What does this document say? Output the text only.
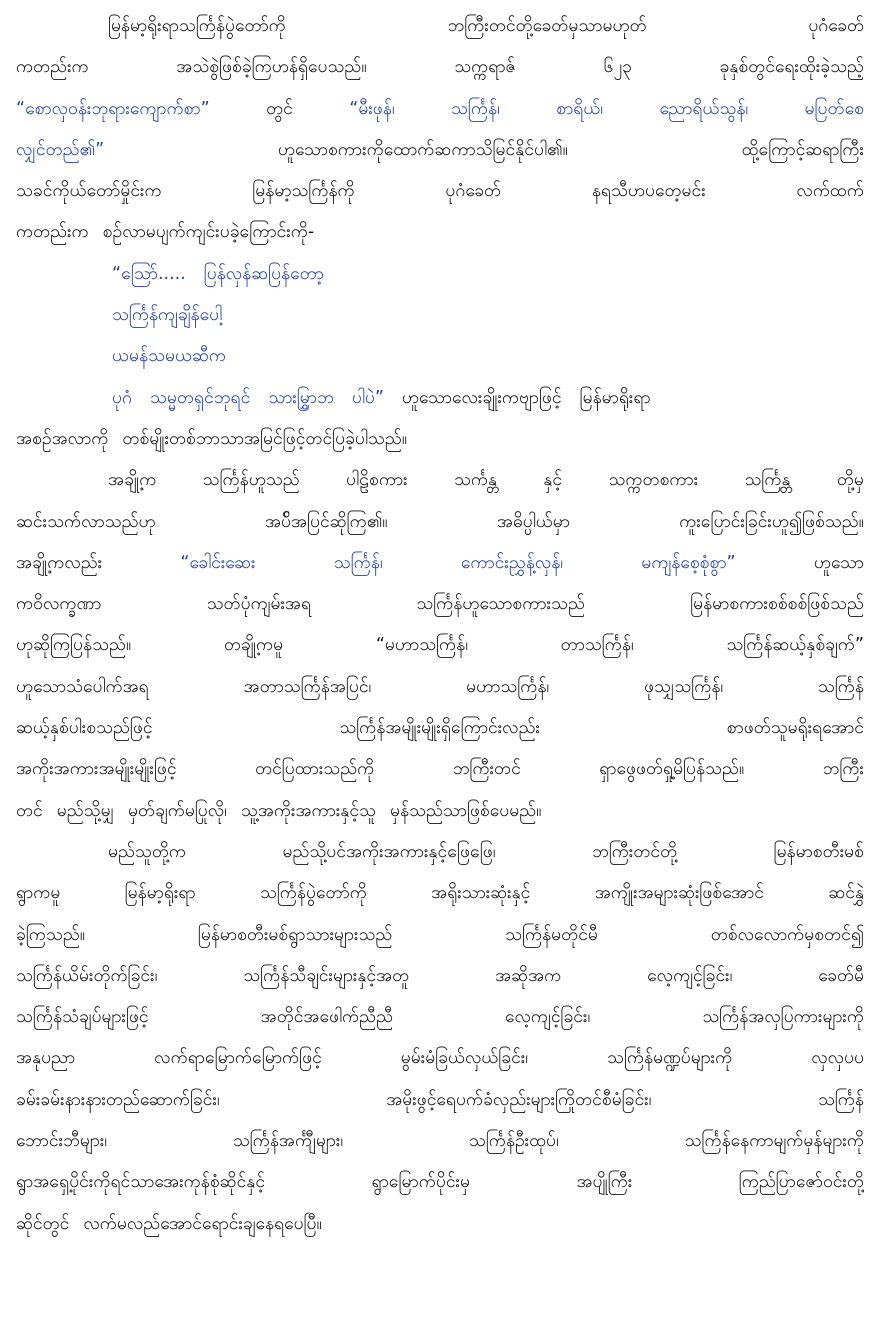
မြန်မာ့ရိုးရာသင်္ကြန်ပွဲတော်ကို	ဘကြီးတင်တို့ခေတ်မှသာမဟုတ်	ပုဂံခေတ်
ကတည်းက	အသဲစွဲဖြစ်ခဲ့ကြဟန်ရှိပေသည်။	သက္ကရာဇ်	၆၂၃	ခုနှစ်တွင်ရေးထိုးခဲ့သည့်
“စောလှဝန်းဘုရားကျောက်စာ”	တွင်	“မီးဖုန်၊	သင်္ကြန်၊	စာရိယ်၊	ညောရိယ်သွန်၊	မပြတ်စေ
လျှင်တည်၏”	ဟူသောစကားကိုထောက်ဆကာသိမြင်နိုင်ပါ၏။	ထို့ကြောင့်ဆရာကြီး
သခင်ကိုယ်တော်မှိုင်းက	မြန်မာ့သင်္ကြန်ကို	ပုဂံခေတ်	နရသီဟပတေ့မင်း	လက်ထက်
ကတည်းက စဉ်လာမပျက်ကျင်းပခဲ့ကြောင်းကို-
“သြော်..... ပြန်လှန်ဆပြန်တော့
သင်္ကြန်ကျချိန်ပေါ့
ယမန်သမယဆီက
ပုဂံ သမ္မတရှင်ဘုရင် သားမြွှာဘ ပါပဲ” ဟူသောလေးချိုးကဗျာဖြင့် မြန်မာရိုးရာ
အစဉ်အလာကို တစ်မျိုးတစ်ဘာသာအမြင်ဖြင့်တင်ပြခဲ့ပါသည်။
အချို့က	သင်္ကြန်ဟူသည်	ပါဠိစကား	သင်္ကန္တ	နှင့်	သက္ကတစကား	သင်္ကြန္တ	တို့မှ
ဆင်းသက်လာသည်ဟု	အပ်ိအပြင်ဆိုကြ၏။	အဓိပ္ပါယ်မှာ	ကူးပြောင်းခြင်းဟူ၍ဖြစ်သည်။
အချို့ကလည်း	“ခေါင်းဆေး	သင်္ကြန်၊	ကောင်းညွှန့်လှန်၊	မကျန်စေ့စုံစွာ”	ဟူသော
ကဝိလက္ခဏာ	သတ်ပုံကျမ်းအရ	သင်္ကြန်ဟူသောစကားသည်	မြန်မာစကားစစ်စစ်ဖြစ်သည်
ဟုဆိုကြပြန်သည်။	တချို့ကမူ	“မဟာသင်္ကြန်၊	တာသင်္ကြန်၊	သင်္ကြန်ဆယ့်နှစ်ချက်”
ဟူသောသံပေါက်အရ	အတာသင်္ကြန်အပြင်၊	မဟာသင်္ကြန်၊	ဖုသျှသင်္ကြန်၊	သင်္ကြန်
ဆယ့်နှစ်ပါးစသည်ဖြင့်	သင်္ကြန်အမျိုးမျိုးရှိကြောင်းလည်း	စာဖတ်သူမရိုးရအောင်
အကိုးအကားအမျိုးမျိုးဖြင့်	တင်ပြထားသည်ကို	ဘကြီးတင်	ရှာဖွေဖတ်ရှု့မိပြန်သည်။	ဘကြီး
တင် မည်သို့မျှ မှတ်ချက်မပြုလို၊ သူ့အကိုးအကားနှင့်သူ မှန်သည်သာဖြစ်ပေမည်။
မည်သူတို့က	မည်သို့ပင်အကိုးအကားနှင့်ဖြေဖြေ၊	ဘကြီးတင်တို့	မြန်မာစတီးမစ်
ရွာကမူ	မြန်မာ့ရိုးရာ	သင်္ကြန်ပွဲတော်ကို	အရိုးသားဆုံးနှင့်	အကျိုးအများဆုံးဖြစ်အောင်	ဆင်နွှဲ
ခဲ့ကြသည်။	မြန်မာစတီးမစ်ရွာသားများသည်	သင်္ကြန်မတိုင်မီ	တစ်လလောက်မှစတင်၍
သင်္ကြန်ယိမ်းတိုက်ခြင်း၊	သင်္ကြန်သီချင်းများနှင့်အတူ	အဆိုအက	လေ့ကျင့်ခြင်း၊	ခေတ်မီ
သင်္ကြန်သံချပ်များဖြင့်	အတိုင်အဖေါက်ညီညီ	လေ့ကျင့်ခြင်း၊	သင်္ကြန်အလှပြကားများကို
အနုပညာ	လက်ရာမြောက်မြောက်ဖြင့်	မွမ်းမံခြယ်လှယ်ခြင်း၊	သင်္ကြန်မဏ္ဍပ်များကို	လှလှပပ
ခမ်းခမ်းနားနားတည်ဆောက်ခြင်း၊	အမိုးဖွင့်ရေပက်ခံလှည်းများကြိုတင်စီမံခြင်း၊	သင်္ကြန်
ဘောင်းဘီများ၊	သင်္ကြန်အင်္ကျီများ၊	သင်္ကြန်ဦးထုပ်၊	သင်္ကြန်နေကာမျက်မှန်များကို
ရွာအရှေ့ပိုင်းကိုရင်သာအေးကုန်စုံဆိုင်နှင့်	ရွာမြောက်ပိုင်းမှ	အပျိုကြီး	ကြည်ပြာဇော်ဝင်းတို့
ဆိုင်တွင် လက်မလည်အောင်ရောင်းချနေရပေပြီ။
